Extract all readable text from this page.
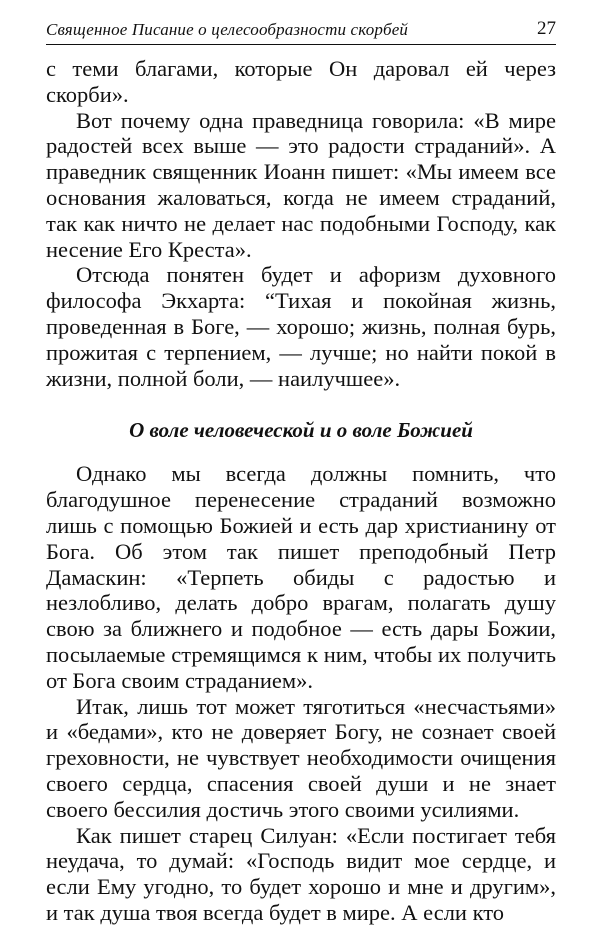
Священное Писание о целесообразности скорбей	27

с теми благами, которые Он даровал ей через скорби».

Вот почему одна праведница говорила: «В мире радостей всех выше — это радости страданий». А праведник священник Иоанн пишет: «Мы имеем все основания жаловаться, когда не имеем страданий, так как ничто не делает нас подобными Господу, как несение Его Креста».

Отсюда понятен будет и афоризм духовного философа Экхарта: “Тихая и покойная жизнь, проведенная в Боге, — хорошо; жизнь, полная бурь, прожитая с терпением, — лучше; но найти покой в жизни, полной боли, — наилучшее».

О воле человеческой и о воле Божией

Однако мы всегда должны помнить, что благодушное перенесение страданий возможно лишь с помощью Божией и есть дар христианину от Бога. Об этом так пишет преподобный Петр Дамаскин: «Терпеть обиды с радостью и незлобливо, делать добро врагам, полагать душу свою за ближнего и подобное — есть дары Божии, посылаемые стремящимся к ним, чтобы их получить от Бога своим страданием».

Итак, лишь тот может тяготиться «несчастьями» и «бедами», кто не доверяет Богу, не сознает своей греховности, не чувствует необходимости очищения своего сердца, спасения своей души и не знает своего бессилия достичь этого своими усилиями.

Как пишет старец Силуан: «Если постигает тебя неудача, то думай: «Господь видит мое сердце, и если Ему угодно, то будет хорошо и мне и другим», и так душа твоя всегда будет в мире. А если кто
